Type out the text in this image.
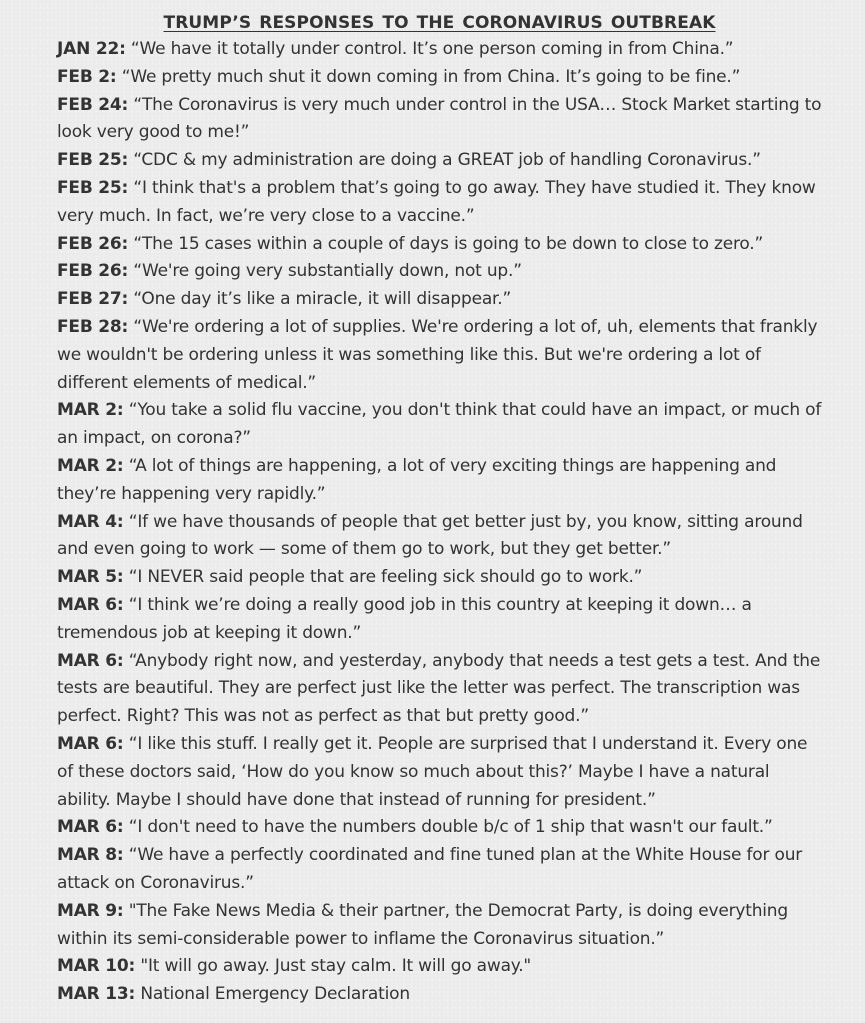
TRUMP’S RESPONSES TO THE CORONAVIRUS OUTBREAK
JAN 22: “We have it totally under control. It’s one person coming in from China.”
FEB 2: “We pretty much shut it down coming in from China. It’s going to be fine.”
FEB 24: “The Coronavirus is very much under control in the USA… Stock Market starting to look very good to me!”
FEB 25: “CDC & my administration are doing a GREAT job of handling Coronavirus.”
FEB 25: “I think that's a problem that’s going to go away. They have studied it. They know very much. In fact, we’re very close to a vaccine.”
FEB 26: “The 15 cases within a couple of days is going to be down to close to zero.”
FEB 26: “We're going very substantially down, not up.”
FEB 27: “One day it’s like a miracle, it will disappear.”
FEB 28: “We're ordering a lot of supplies. We're ordering a lot of, uh, elements that frankly we wouldn't be ordering unless it was something like this. But we're ordering a lot of different elements of medical.”
MAR 2: “You take a solid flu vaccine, you don't think that could have an impact, or much of an impact, on corona?”
MAR 2: “A lot of things are happening, a lot of very exciting things are happening and they’re happening very rapidly.”
MAR 4: “If we have thousands of people that get better just by, you know, sitting around and even going to work — some of them go to work, but they get better.”
MAR 5: “I NEVER said people that are feeling sick should go to work.”
MAR 6: “I think we’re doing a really good job in this country at keeping it down… a tremendous job at keeping it down.”
MAR 6: “Anybody right now, and yesterday, anybody that needs a test gets a test. And the tests are beautiful. They are perfect just like the letter was perfect. The transcription was perfect. Right? This was not as perfect as that but pretty good.”
MAR 6: “I like this stuff. I really get it. People are surprised that I understand it. Every one of these doctors said, ‘How do you know so much about this?’ Maybe I have a natural ability. Maybe I should have done that instead of running for president.”
MAR 6: “I don't need to have the numbers double b/c of 1 ship that wasn't our fault.”
MAR 8: “We have a perfectly coordinated and fine tuned plan at the White House for our attack on Coronavirus.”
MAR 9: "The Fake News Media & their partner, the Democrat Party, is doing everything within its semi-considerable power to inflame the Coronavirus situation.”
MAR 10: "It will go away. Just stay calm. It will go away."
MAR 13: National Emergency Declaration
